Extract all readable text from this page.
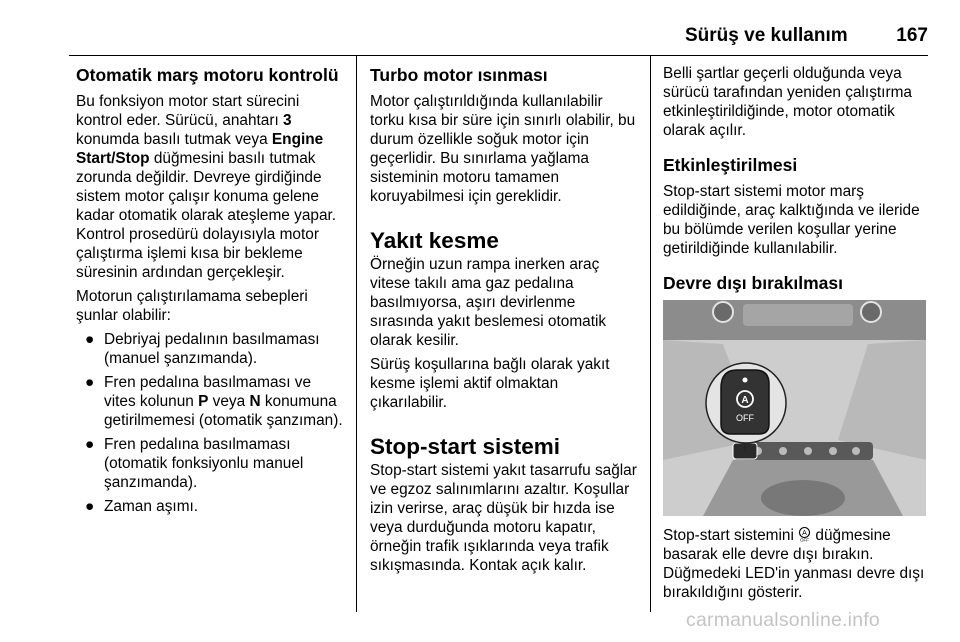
Sürüş ve kullanım	167
Otomatik marş motoru kontrolü

Bu fonksiyon motor start sürecini kontrol eder. Sürücü, anahtarı 3 konumda basılı tutmak veya Engine Start/Stop düğmesini basılı tutmak zorunda değildir. Devreye girdiğinde sistem motor çalışır konuma gelene kadar otomatik olarak ateşleme yapar. Kontrol prosedürü dolayısıyla motor çalıştırma işlemi kısa bir bekleme süresinin ardından gerçekleşir.

Motorun çalıştırılamama sebepleri şunlar olabilir:

● Debriyaj pedalının basılmaması (manuel şanzımanda).
● Fren pedalına basılmaması ve vites kolunun P veya N konumuna getirilmemesi (otomatik şanzıman).
● Fren pedalına basılmaması (otomatik fonksiyonlu manuel şanzımanda).
● Zaman aşımı.
Turbo motor ısınması

Motor çalıştırıldığında kullanılabilir torku kısa bir süre için sınırlı olabilir, bu durum özellikle soğuk motor için geçerlidir. Bu sınırlama yağlama sisteminin motoru tamamen koruyabilmesi için gereklidir.

Yakıt kesme

Örneğin uzun rampa inerken araç vitese takılı ama gaz pedalına basılmıyorsa, aşırı devirlenme sırasında yakıt beslemesi otomatik olarak kesilir.

Sürüş koşullarına bağlı olarak yakıt kesme işlemi aktif olmaktan çıkarılabilir.

Stop-start sistemi

Stop-start sistemi yakıt tasarrufu sağlar ve egzoz salınımlarını azaltır. Koşullar izin verirse, araç düşük bir hızda ise veya durduğunda motoru kapatır, örneğin trafik ışıklarında veya trafik sıkışmasında. Kontak açık kalır.

Belli şartlar geçerli olduğunda veya sürücü tarafından yeniden çalıştırma etkinleştirildiğinde, motor otomatik olarak açılır.

Etkinleştirilmesi

Stop-start sistemi motor marş edildiğinde, araç kalktığında ve ileride bu bölümde verilen koşullar yerine getirildiğinde kullanılabilir.

Devre dışı bırakılması
A
OFF

Stop-start sistemini A
OFF düğmesine basarak elle devre dışı bırakın. Düğmedeki LED'in yanması devre dışı bırakıldığını gösterir.

carmanualsonline.info
